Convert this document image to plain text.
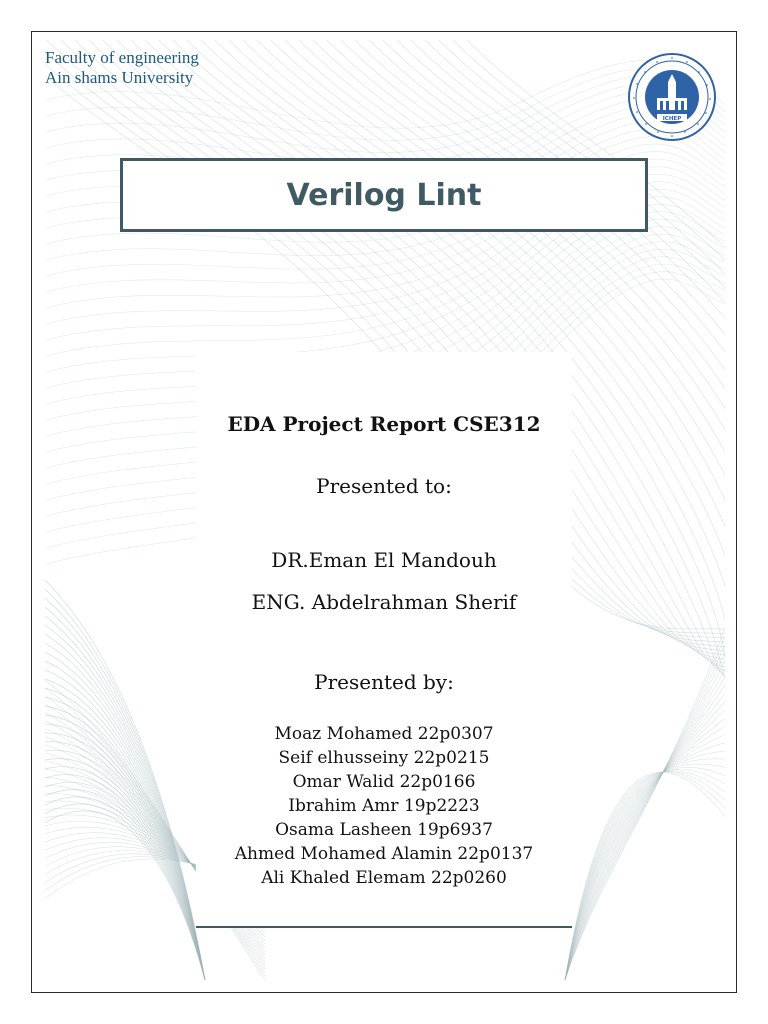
Faculty of engineering
Ain shams University
ICHEP
Verilog Lint
EDA Project Report CSE312
Presented to:
DR.Eman El Mandouh
ENG. Abdelrahman Sherif
Presented by:
Moaz Mohamed 22p0307
Seif elhusseiny 22p0215
Omar Walid 22p0166
Ibrahim Amr 19p2223
Osama Lasheen 19p6937
Ahmed Mohamed Alamin 22p0137
Ali Khaled Elemam 22p0260
